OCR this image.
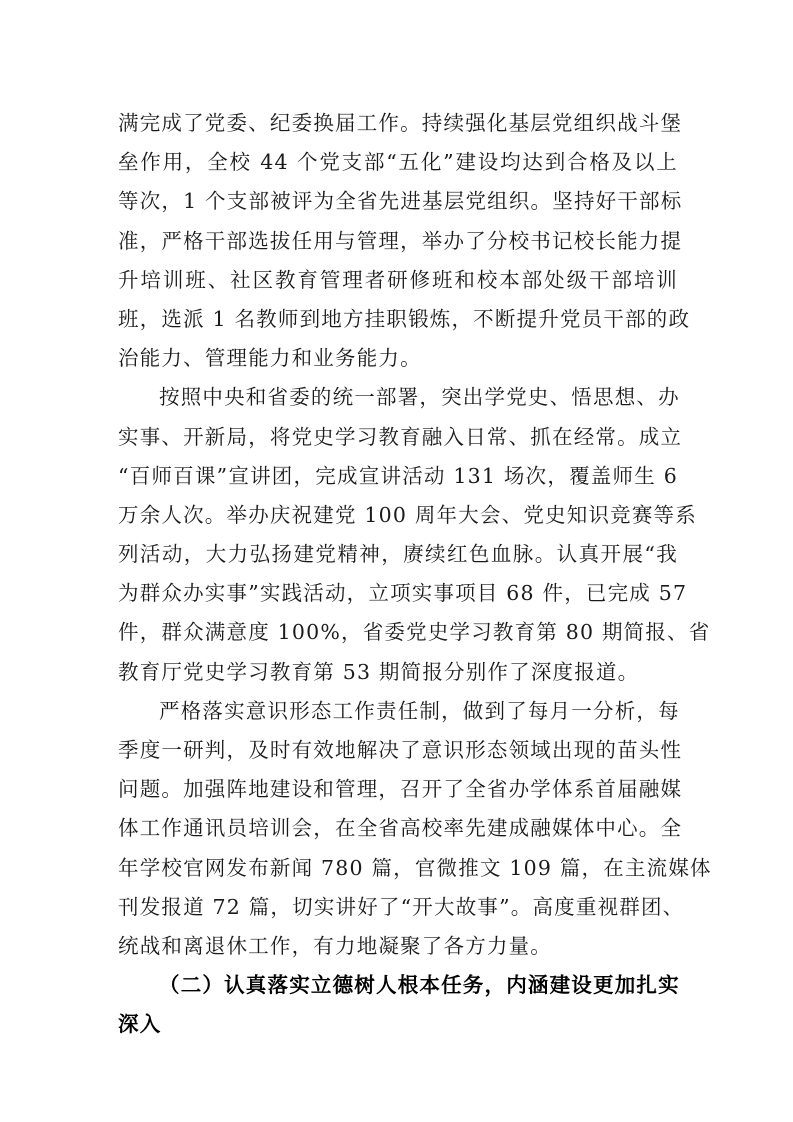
满完成了党委、纪委换届工作。持续强化基层党组织战斗堡
垒作用，全校 44 个党支部“五化”建设均达到合格及以上
等次，1 个支部被评为全省先进基层党组织。坚持好干部标
准，严格干部选拔任用与管理，举办了分校书记校长能力提
升培训班、社区教育管理者研修班和校本部处级干部培训
班，选派 1 名教师到地方挂职锻炼，不断提升党员干部的政
治能力、管理能力和业务能力。
按照中央和省委的统一部署，突出学党史、悟思想、办
实事、开新局，将党史学习教育融入日常、抓在经常。成立
“百师百课”宣讲团，完成宣讲活动 131 场次，覆盖师生 6
万余人次。举办庆祝建党 100 周年大会、党史知识竞赛等系
列活动，大力弘扬建党精神，赓续红色血脉。认真开展“我
为群众办实事”实践活动，立项实事项目 68 件，已完成 57
件，群众满意度 100%，省委党史学习教育第 80 期简报、省
教育厅党史学习教育第 53 期简报分别作了深度报道。
严格落实意识形态工作责任制，做到了每月一分析，每
季度一研判，及时有效地解决了意识形态领域出现的苗头性
问题。加强阵地建设和管理，召开了全省办学体系首届融媒
体工作通讯员培训会，在全省高校率先建成融媒体中心。全
年学校官网发布新闻 780 篇，官微推文 109 篇，在主流媒体
刊发报道 72 篇，切实讲好了“开大故事”。高度重视群团、
统战和离退休工作，有力地凝聚了各方力量。
（二）认真落实立德树人根本任务，内涵建设更加扎实
深入
